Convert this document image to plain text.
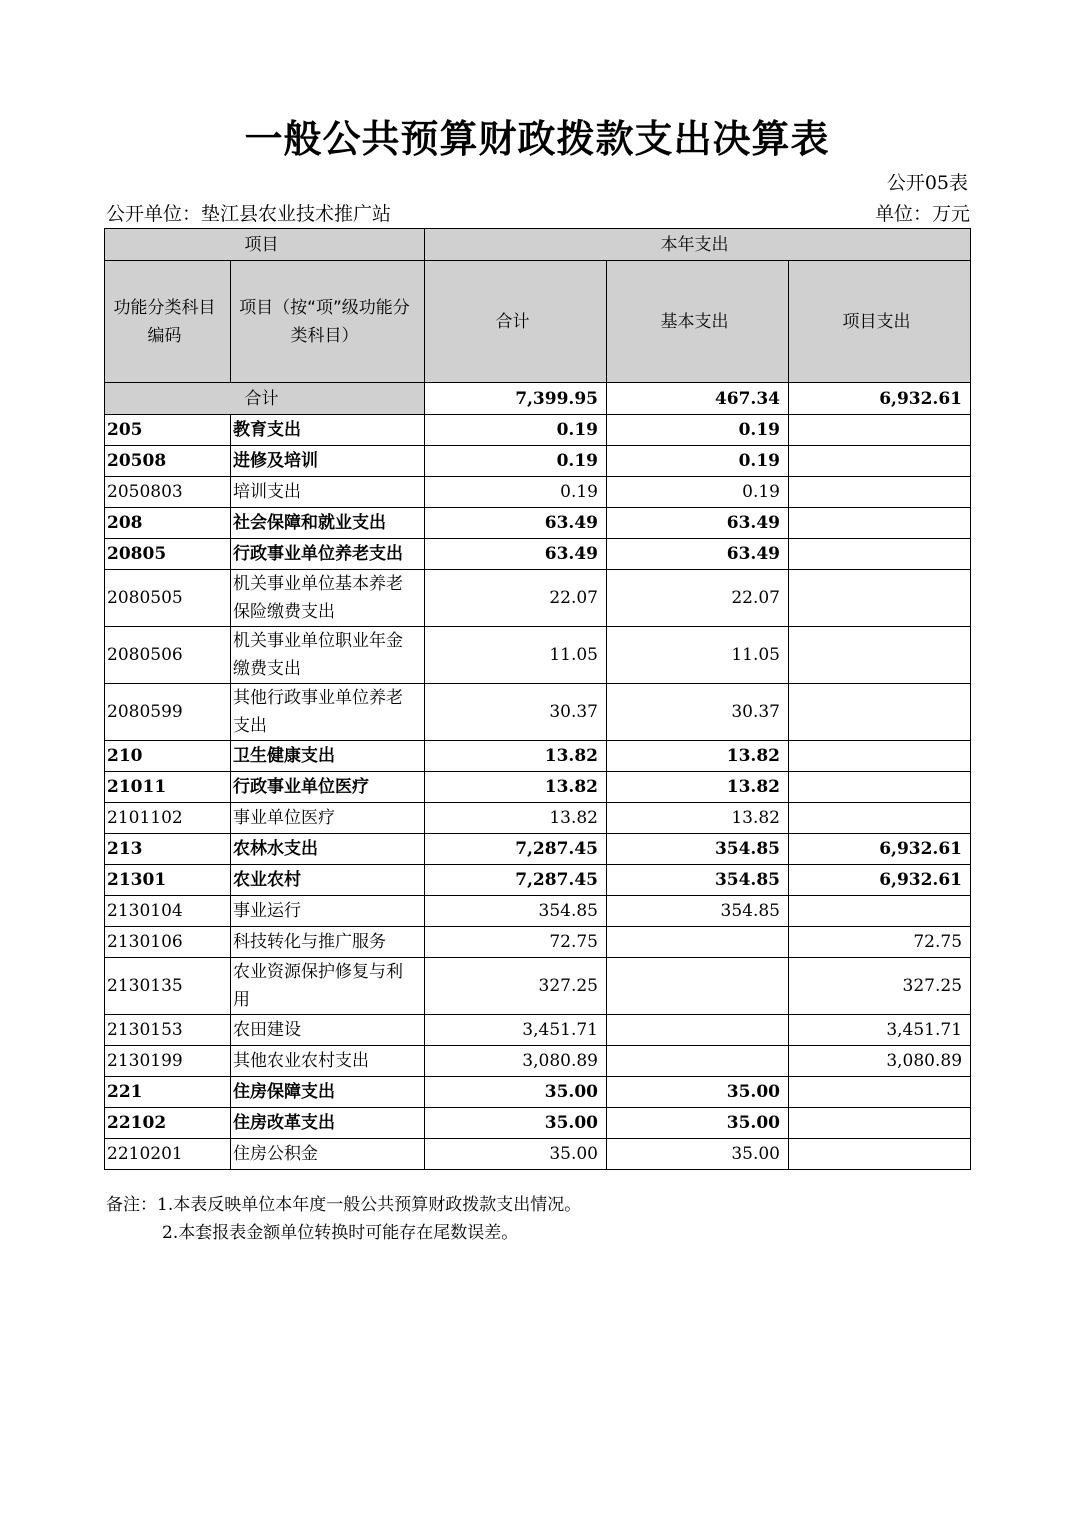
一般公共预算财政拨款支出决算表
公开05表
公开单位：垫江县农业技术推广站	单位：万元
项目		本年支出		
功能分类科目编码	项目（按“项”级功能分类科目）	合计	基本支出	项目支出
合计		7,399.95	467.34	6,932.61
205	教育支出	0.19	0.19	
20508	进修及培训	0.19	0.19	
2050803	培训支出	0.19	0.19	
208	社会保障和就业支出	63.49	63.49	
20805	行政事业单位养老支出	63.49	63.49	
2080505	机关事业单位基本养老保险缴费支出	22.07	22.07	
2080506	机关事业单位职业年金缴费支出	11.05	11.05	
2080599	其他行政事业单位养老支出	30.37	30.37	
210	卫生健康支出	13.82	13.82	
21011	行政事业单位医疗	13.82	13.82	
2101102	事业单位医疗	13.82	13.82	
213	农林水支出	7,287.45	354.85	6,932.61
21301	农业农村	7,287.45	354.85	6,932.61
2130104	事业运行	354.85	354.85	
2130106	科技转化与推广服务	72.75		72.75
2130135	农业资源保护修复与利用	327.25		327.25
2130153	农田建设	3,451.71		3,451.71
2130199	其他农业农村支出	3,080.89		3,080.89
221	住房保障支出	35.00	35.00	
22102	住房改革支出	35.00	35.00	
2210201	住房公积金	35.00	35.00	
备注：1.本表反映单位本年度一般公共预算财政拨款支出情况。
2.本套报表金额单位转换时可能存在尾数误差。
